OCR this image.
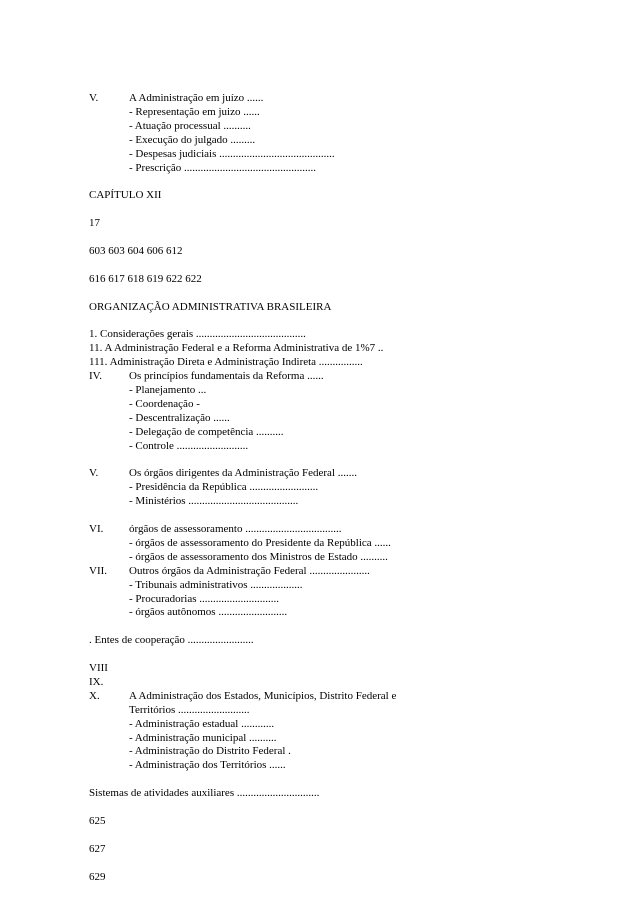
V.	A Administração em juízo ......
- Representação em juizo ......
- Atuação processual ..........
- Execução do julgado .........
- Despesas judiciais ..........................................
- Prescrição ................................................
CAPÍTULO XII
17
603 603 604 606 612
616 617 618 619 622 622
ORGANIZAÇÃO ADMINISTRATIVA BRASILEIRA
1. Considerações gerais ........................................
11. A Administração Federal e a Reforma Administrativa de 1%7 ..
111. Administração Direta e Administração Indireta ................
IV.	Os princípios fundamentais da Reforma ......
- Planejamento ...
- Coordenação -
- Descentralização ......
- Delegação de competência ..........
- Controle ..........................
V.	Os órgãos dirigentes da Administração Federal .......
- Presidência da República .........................
- Ministérios ........................................
VI.	órgãos de assessoramento ...................................
- órgãos de assessoramento do Presidente da República ......
- órgãos de assessoramento dos Ministros de Estado ..........
VII.	Outros órgãos da Administração Federal ......................
- Tribunais administrativos ...................
- Procuradorias .............................
- órgãos autônomos .........................
. Entes de cooperação ........................
VIII
IX.
X.	A Administração dos Estados, Municípios, Distrito Federal e
Territórios ..........................
- Administração estadual ............
- Administração municipal ..........
- Administração do Distrito Federal .
- Administração dos Territórios ......
Sistemas de atividades auxiliares ..............................
625
627
629
